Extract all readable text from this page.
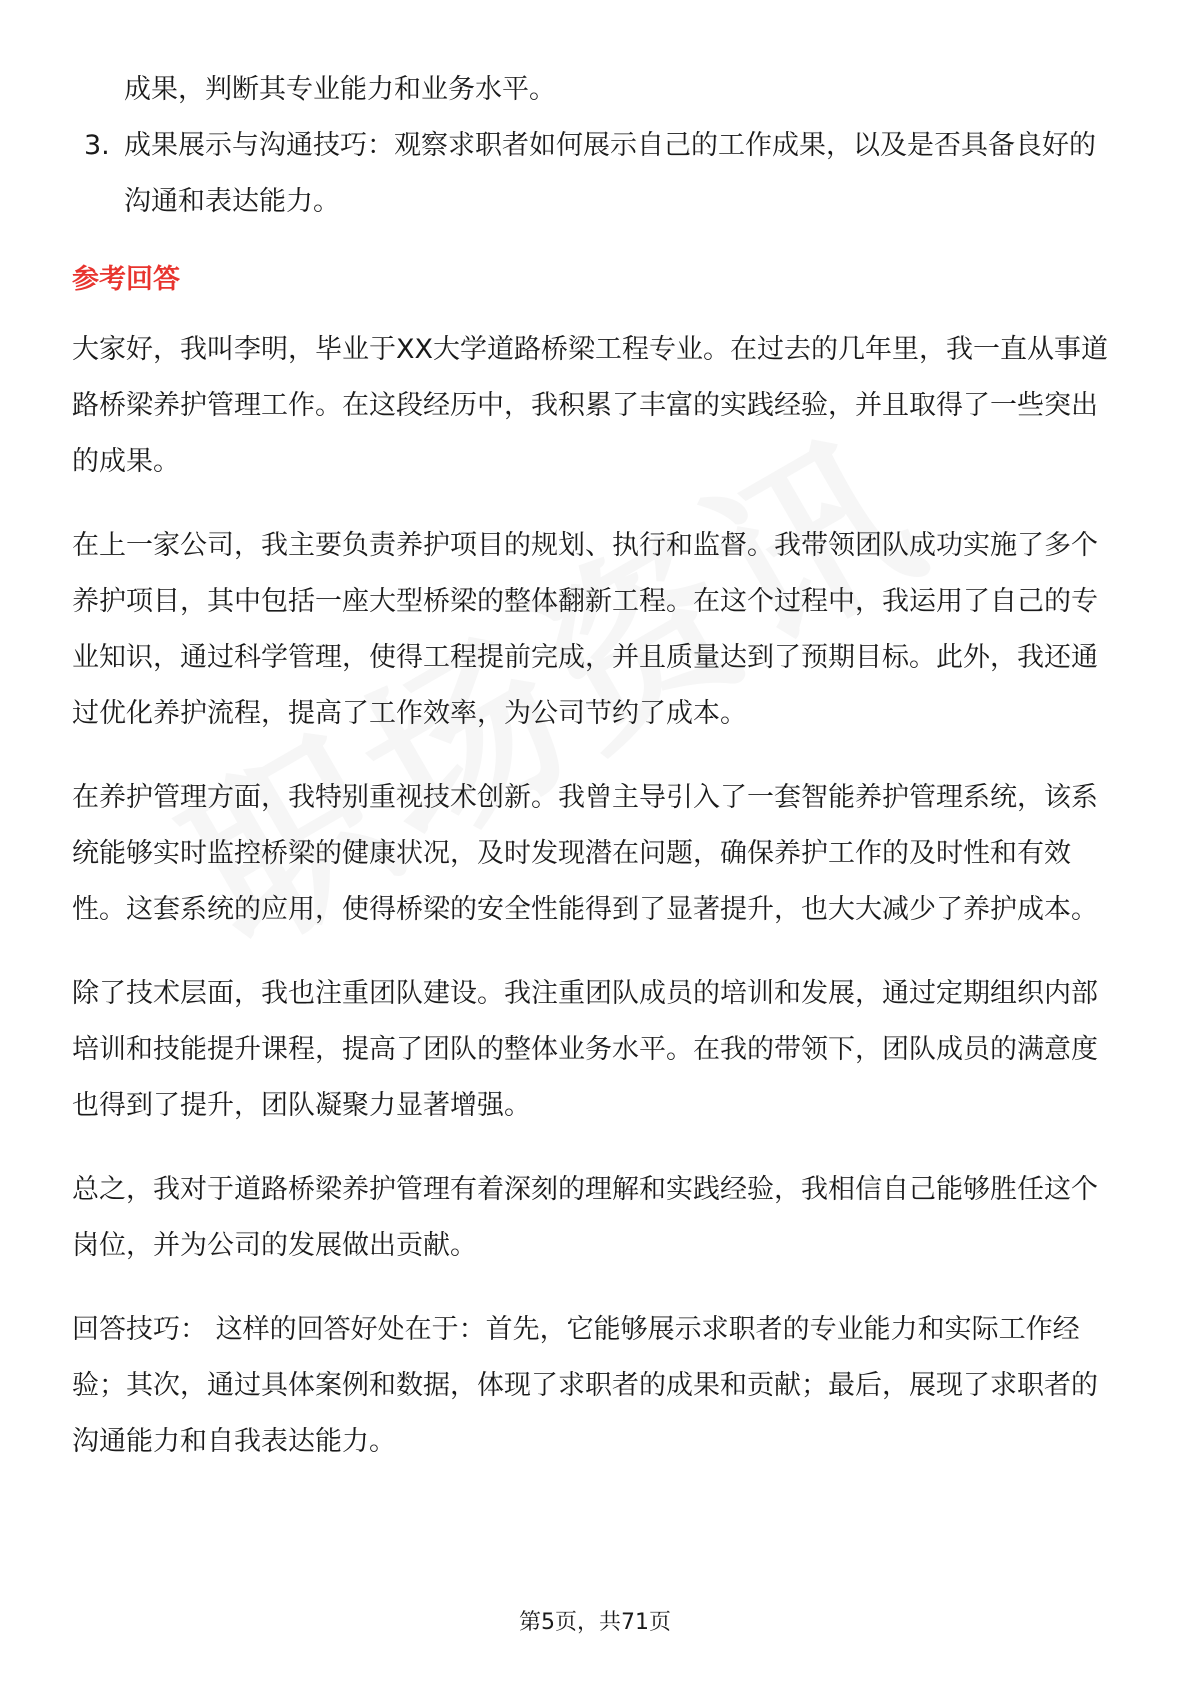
成果，判断其专业能力和业务水平。

3. 成果展示与沟通技巧：观察求职者如何展示自己的工作成果，以及是否具备良好的沟通和表达能力。
参考回答

大家好，我叫李明，毕业于XX大学道路桥梁工程专业。在过去的几年里，我一直从事道路桥梁养护管理工作。在这段经历中，我积累了丰富的实践经验，并且取得了一些突出的成果。

在上一家公司，我主要负责养护项目的规划、执行和监督。我带领团队成功实施了多个养护项目，其中包括一座大型桥梁的整体翻新工程。在这个过程中，我运用了自己的专业知识，通过科学管理，使得工程提前完成，并且质量达到了预期目标。此外，我还通过优化养护流程，提高了工作效率，为公司节约了成本。

在养护管理方面，我特别重视技术创新。我曾主导引入了一套智能养护管理系统，该系统能够实时监控桥梁的健康状况，及时发现潜在问题，确保养护工作的及时性和有效性。这套系统的应用，使得桥梁的安全性能得到了显著提升，也大大减少了养护成本。

除了技术层面，我也注重团队建设。我注重团队成员的培训和发展，通过定期组织内部培训和技能提升课程，提高了团队的整体业务水平。在我的带领下，团队成员的满意度也得到了提升，团队凝聚力显著增强。

总之，我对于道路桥梁养护管理有着深刻的理解和实践经验，我相信自己能够胜任这个岗位，并为公司的发展做出贡献。

回答技巧： 这样的回答好处在于：首先，它能够展示求职者的专业能力和实际工作经验；其次，通过具体案例和数据，体现了求职者的成果和贡献；最后，展现了求职者的沟通能力和自我表达能力。

第5页，共71页
